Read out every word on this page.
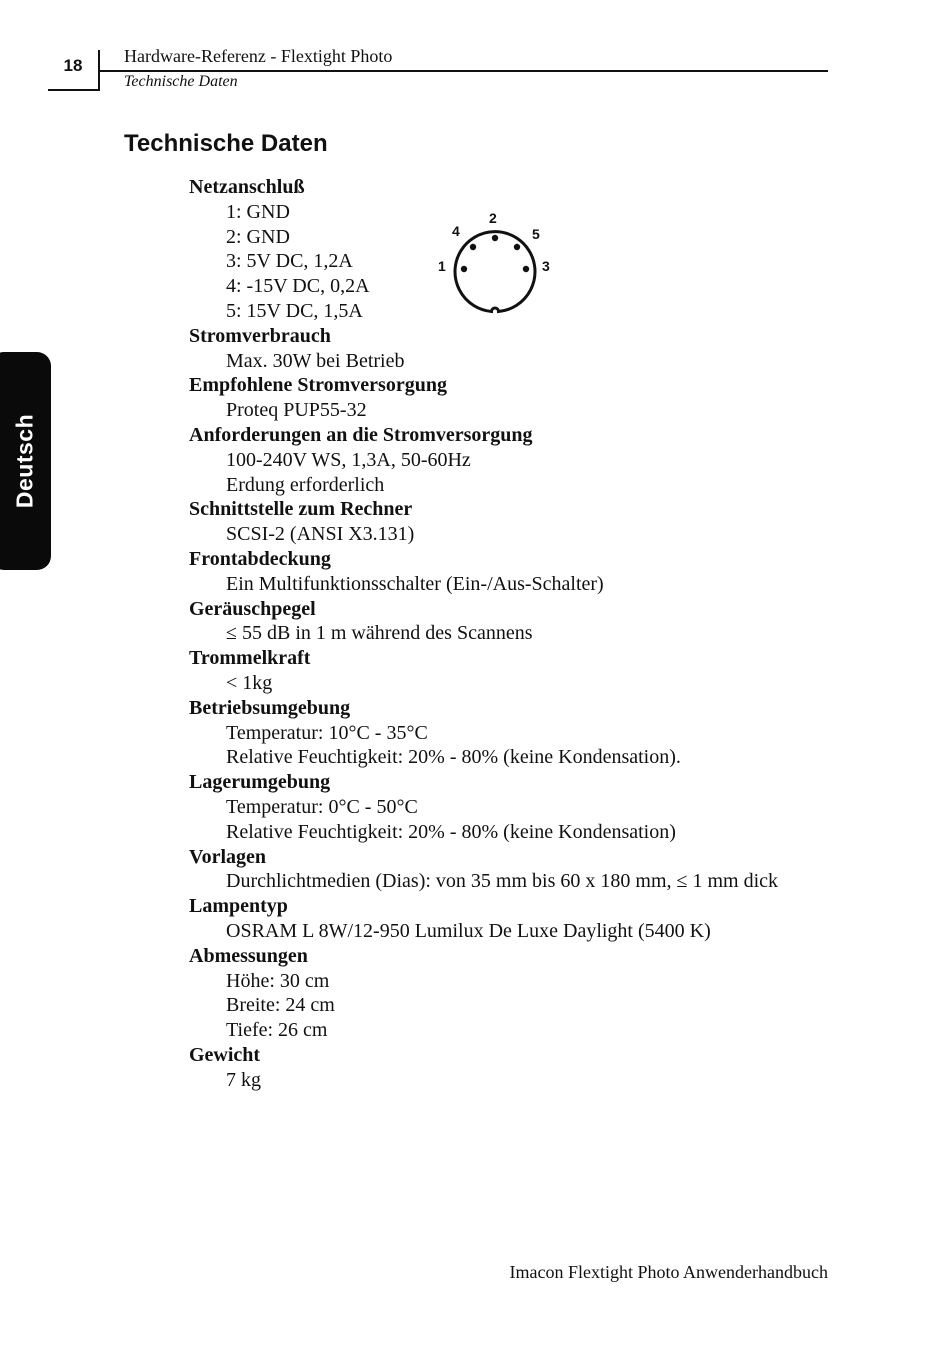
18	Hardware-Referenz - Flextight Photo
Technische Daten
Deutsch
Technische Daten
1
4
2
5
3
Netzanschluß
1: GND
2: GND
3: 5V DC, 1,2A
4: -15V DC, 0,2A
5: 15V DC, 1,5A
Stromverbrauch
Max. 30W bei Betrieb
Empfohlene Stromversorgung
Proteq PUP55-32
Anforderungen an die Stromversorgung
100-240V WS, 1,3A, 50-60Hz
Erdung erforderlich
Schnittstelle zum Rechner
SCSI-2 (ANSI X3.131)
Frontabdeckung
Ein Multifunktionsschalter (Ein-/Aus-Schalter)
Geräuschpegel
≤ 55 dB in 1 m während des Scannens
Trommelkraft
< 1kg
Betriebsumgebung
Temperatur: 10°C - 35°C
Relative Feuchtigkeit: 20% - 80% (keine Kondensation).
Lagerumgebung
Temperatur: 0°C - 50°C
Relative Feuchtigkeit: 20% - 80% (keine Kondensation)
Vorlagen
Durchlichtmedien (Dias): von 35 mm bis 60 x 180 mm, ≤ 1 mm dick
Lampentyp
OSRAM L 8W/12-950 Lumilux De Luxe Daylight (5400 K)
Abmessungen
Höhe: 30 cm
Breite: 24 cm
Tiefe: 26 cm
Gewicht
7 kg
Imacon Flextight Photo Anwenderhandbuch
